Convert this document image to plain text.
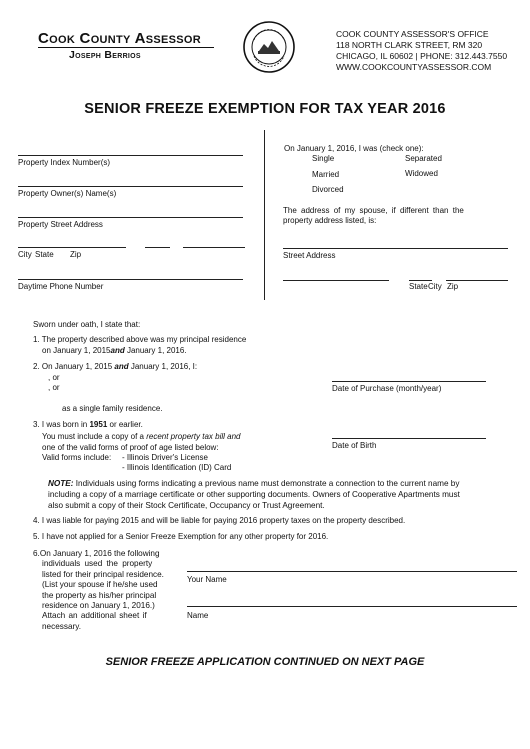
Cook County Assessor
Joseph Berrios
COOK COUNTY ASSESSOR'S OFFICE
118 NORTH CLARK STREET, RM 320
CHICAGO, IL 60602 | PHONE: 312.443.7550
WWW.COOKCOUNTYASSESSOR.COM
SENIOR FREEZE EXEMPTION FOR TAX YEAR 2016
Property Index Number(s)
Property Owner(s) Name(s)
Property Street Address
City State Zip
Daytime Phone Number
On January 1, 2016, I was (check one):
Single	Separated
Married	Widowed
Divorced
The address of my spouse, if different than the
property address listed, is:
Street Address
State City Zip
Sworn under oath, I state that:
1. The property described above was my principal residence
on January 1, 2015and January 1, 2016.
2. On January 1, 2015 and January 1, 2016, I:
, or
, or	Date of Purchase (month/year)
as a single family residence.
3. I was born in 1951 or earlier.
You must include a copy of a recent property tax bill and
one of the valid forms of proof of age listed below:
Valid forms include: - Illinois Driver's License
- Illinois Identification (ID) Card
Date of Birth
NOTE: Individuals using forms indicating a previous name must demonstrate a connection to the current name by
including a copy of a marriage certificate or other supporting documents. Owners of Cooperative Apartments must
also submit a copy of their Stock Certificate, Occupancy or Trust Agreement.
4. I was liable for paying 2015 and will be liable for paying 2016 property taxes on the property described.
5. I have not applied for a Senior Freeze Exemption for any other property for 2016.
6.On January 1, 2016 the following
individuals used the property
listed for their principal residence.
(List your spouse if he/she used
the property as his/her principal
residence on January 1, 2016.)
Attach an additional sheet if
necessary.
Your Name
Name
SENIOR FREEZE APPLICATION CONTINUED ON NEXT PAGE
